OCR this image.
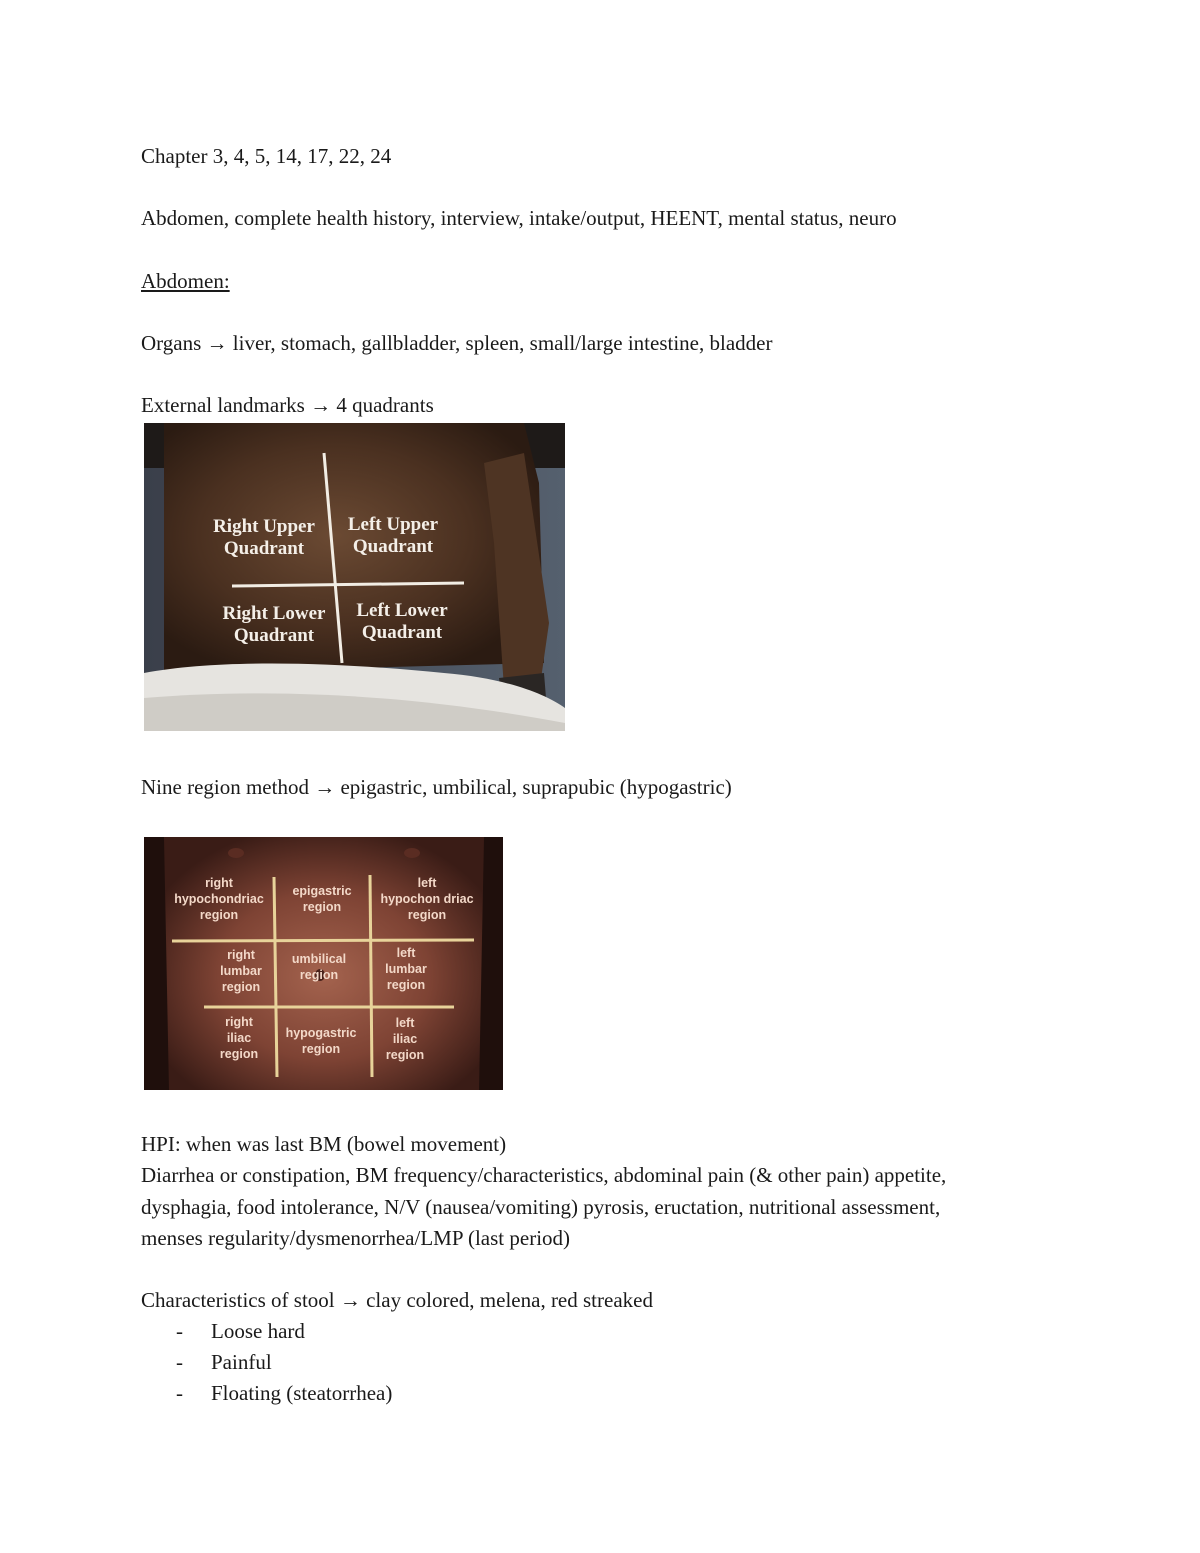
Chapter 3, 4, 5, 14, 17, 22, 24
Abdomen, complete health history, interview, intake/output, HEENT, mental status, neuro
Abdomen:
Organs → liver, stomach, gallbladder, spleen, small/large intestine, bladder
External landmarks → 4 quadrants
Right Upper
Quadrant
Left Upper
Quadrant
Right Lower
Quadrant
Left Lower
Quadrant
Nine region method → epigastric, umbilical, suprapubic (hypogastric)
right
hypochondriac
region
epigastric
region
left
hypochon driac
region
right
lumbar
region
umbilical
region
left
lumbar
region
right
iliac
region
hypogastric
region
left
iliac
region
HPI: when was last BM (bowel movement)
Diarrhea or constipation, BM frequency/characteristics, abdominal pain (& other pain) appetite,
dysphagia, food intolerance, N/V (nausea/vomiting) pyrosis, eructation, nutritional assessment,
menses regularity/dysmenorrhea/LMP (last period)
Characteristics of stool → clay colored, melena, red streaked
- Loose hard
- Painful
- Floating (steatorrhea)
